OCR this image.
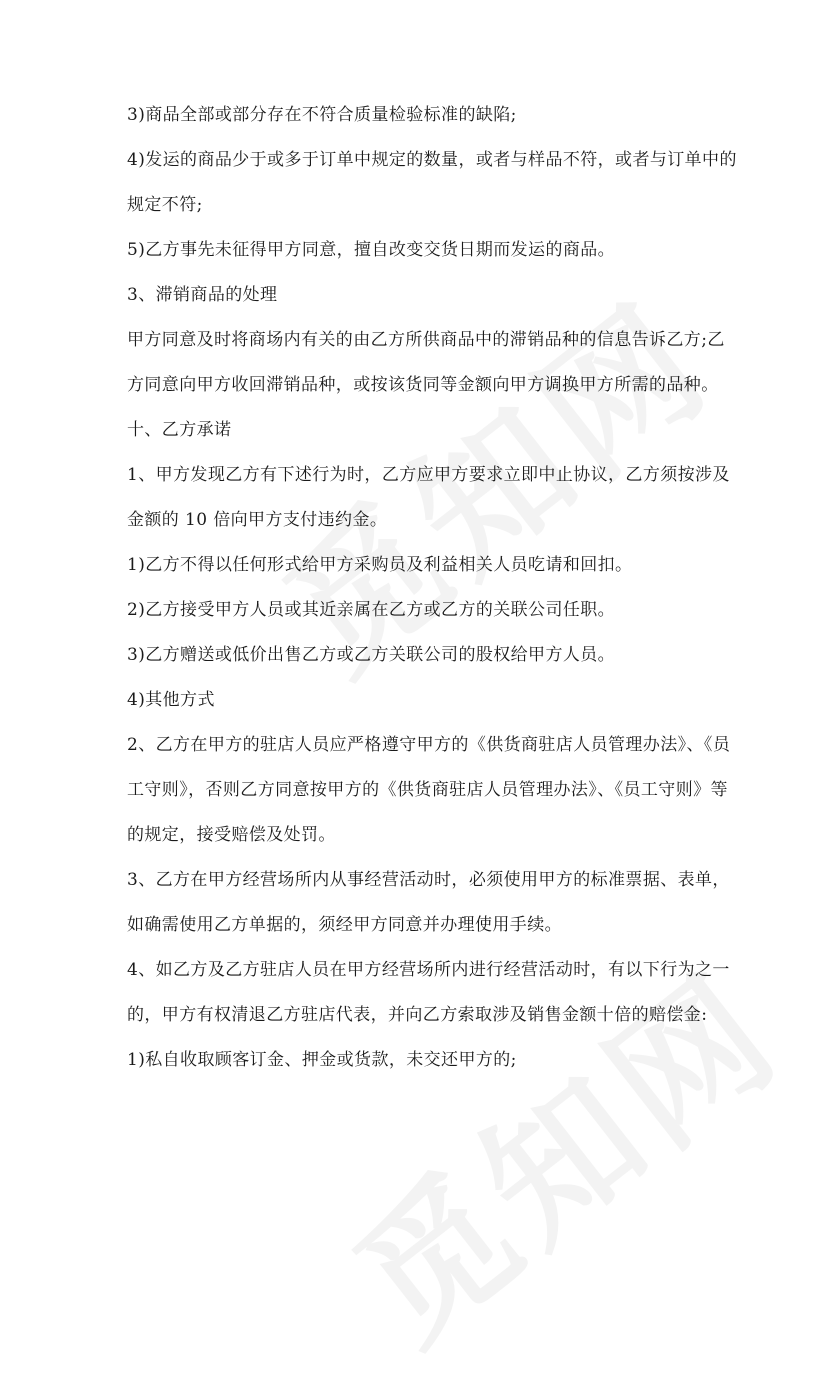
3)商品全部或部分存在不符合质量检验标准的缺陷;
4)发运的商品少于或多于订单中规定的数量，或者与样品不符，或者与订单中的
规定不符;
5)乙方事先未征得甲方同意，擅自改变交货日期而发运的商品。
3、滞销商品的处理
甲方同意及时将商场内有关的由乙方所供商品中的滞销品种的信息告诉乙方;乙
方同意向甲方收回滞销品种，或按该货同等金额向甲方调换甲方所需的品种。
十、乙方承诺
1、甲方发现乙方有下述行为时，乙方应甲方要求立即中止协议，乙方须按涉及
金额的 10 倍向甲方支付违约金。
1)乙方不得以任何形式给甲方采购员及利益相关人员吃请和回扣。
2)乙方接受甲方人员或其近亲属在乙方或乙方的关联公司任职。
3)乙方赠送或低价出售乙方或乙方关联公司的股权给甲方人员。
4)其他方式
2、乙方在甲方的驻店人员应严格遵守甲方的《供货商驻店人员管理办法》、《员
工守则》，否则乙方同意按甲方的《供货商驻店人员管理办法》、《员工守则》等
的规定，接受赔偿及处罚。
3、乙方在甲方经营场所内从事经营活动时，必须使用甲方的标准票据、表单，
如确需使用乙方单据的，须经甲方同意并办理使用手续。
4、如乙方及乙方驻店人员在甲方经营场所内进行经营活动时，有以下行为之一
的，甲方有权清退乙方驻店代表，并向乙方索取涉及销售金额十倍的赔偿金:
1)私自收取顾客订金、押金或货款，未交还甲方的;
